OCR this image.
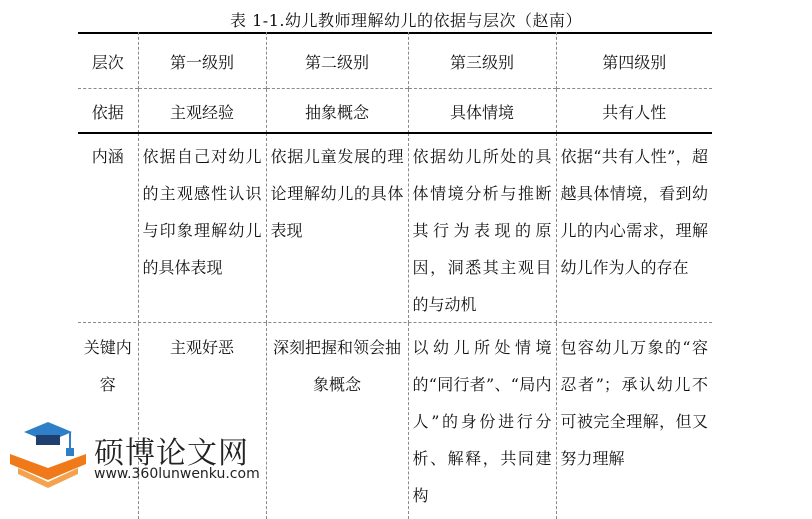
表 1-1.幼儿教师理解幼儿的依据与层次（赵南）
层次	第一级别	第二级别	第三级别	第四级别
依据	主观经验	抽象概念	具体情境	共有人性
内涵	依据自己对幼儿的主观感性认识与印象理解幼儿的具体表现	依据儿童发展的理论理解幼儿的具体表现	依据幼儿所处的具体情境分析与推断其行为表现的原因，洞悉其主观目的与动机	依据“共有人性”，超越具体情境，看到幼儿的内心需求，理解幼儿作为人的存在
关键内容	主观好恶	深刻把握和领会抽象概念	以幼儿所处情境的“同行者”、“局内人”的身份进行分析、解释，共同建构	包容幼儿万象的“容忍者”；承认幼儿不可被完全理解，但又努力理解
硕博论文网
www.360lunwenku.com
